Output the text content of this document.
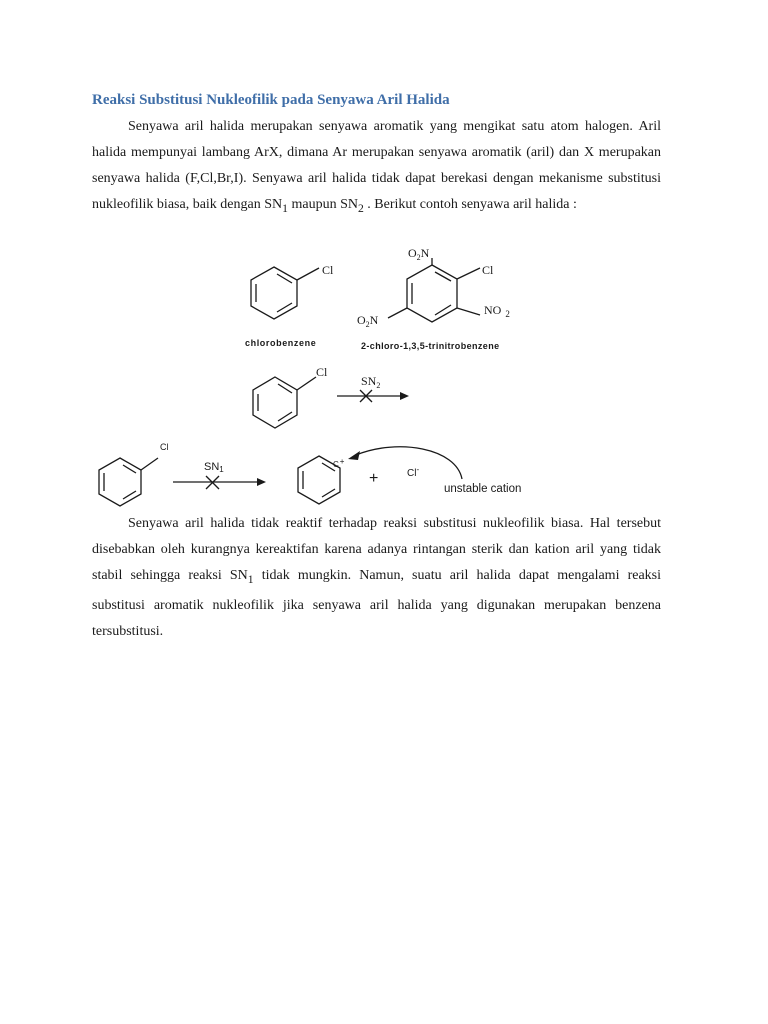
Reaksi Substitusi Nukleofilik pada Senyawa Aril Halida

Senyawa aril halida merupakan senyawa aromatik yang mengikat satu atom halogen. Aril halida mempunyai lambang ArX, dimana Ar merupakan senyawa aromatik (aril) dan X merupakan senyawa halida (F,Cl,Br,I). Senyawa aril halida tidak dapat berekasi dengan mekanisme substitusi nukleofilik biasa, baik dengan $SN_1$ maupun $SN_2$ . Berikut contoh senyawa aril halida :

Cl
$O_2N$
Cl
NO $_2$
$O_2N$
Cl
$SN_2$
chlorobenzene	2-chloro-1,3,5-trinitrobenzene
Cl
SN1
C+
+	Cl-
unstable cation

Senyawa aril halida tidak reaktif terhadap reaksi substitusi nukleofilik biasa. Hal tersebut disebabkan oleh kurangnya kereaktifan karena adanya rintangan sterik dan kation aril yang tidak stabil sehingga reaksi $SN_1$ tidak mungkin. Namun, suatu aril halida dapat mengalami reaksi substitusi aromatik nukleofilik jika senyawa aril halida yang digunakan merupakan benzena tersubstitusi.
